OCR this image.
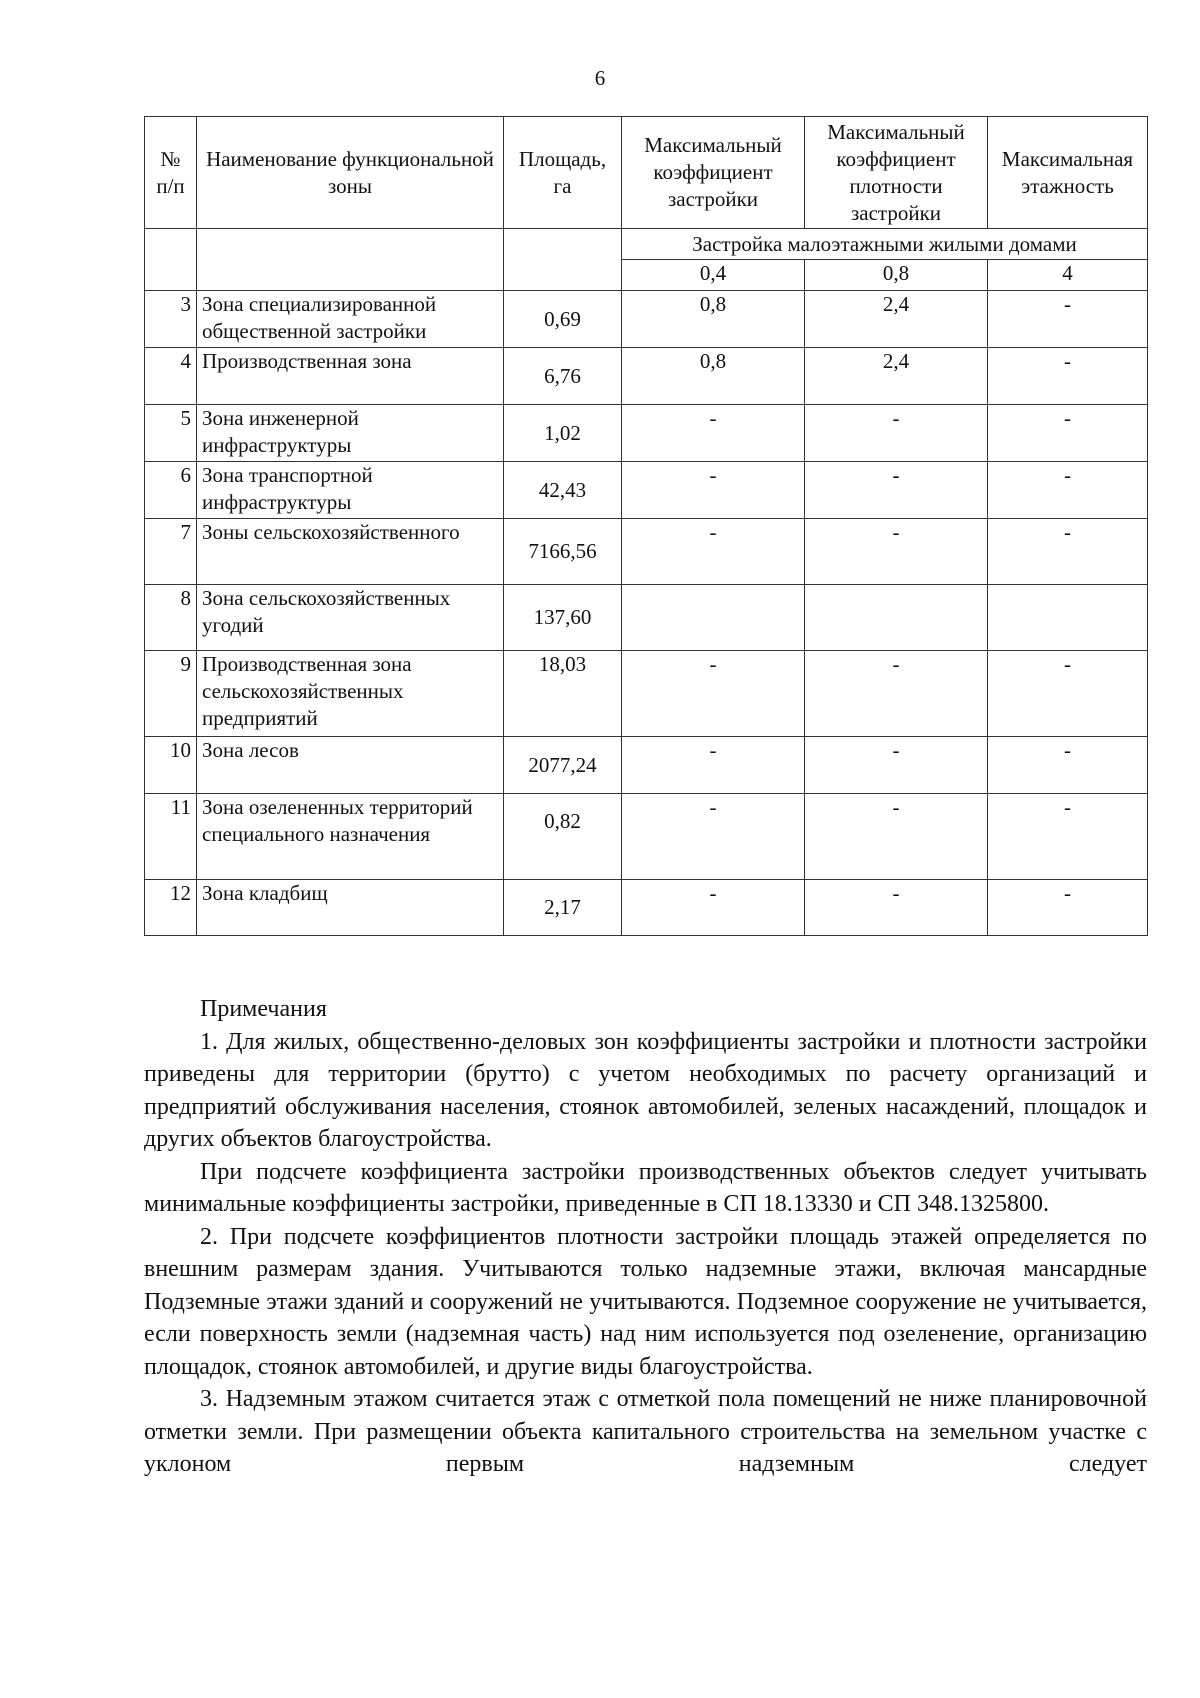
6
№ п/п	Наименование функциональной зоны	Площадь, га	Максимальный коэффициент застройки	Максимальный коэффициент плотности застройки	Максимальная этажность
			Застройка малоэтажными жилыми домами		
			0,4	0,8	4
3	Зона специализированной общественной застройки	0,69	0,8	2,4	-
4	Производственная зона	6,76	0,8	2,4	-
5	Зона инженерной инфраструктуры	1,02	-	-	-
6	Зона транспортной инфраструктуры	42,43	-	-	-
7	Зоны сельскохозяйственного	7166,56	-	-	-
8	Зона сельскохозяйственных угодий	137,60			
9	Производственная зона сельскохозяйственных предприятий	18,03	-	-	-
10	Зона лесов	2077,24	-	-	-
11	Зона озелененных территорий специального назначения	0,82	-	-	-
12	Зона кладбищ	2,17	-	-	-

Примечания

1. Для жилых, общественно-деловых зон коэффициенты застройки и плотности застройки приведены для территории (брутто) с учетом необходимых по расчету организаций и предприятий обслуживания населения, стоянок автомобилей, зеленых насаждений, площадок и других объектов благоустройства.

При подсчете коэффициента застройки производственных объектов следует учитывать минимальные коэффициенты застройки, приведенные в СП 18.13330 и СП 348.1325800.

2. При подсчете коэффициентов плотности застройки площадь этажей определяется по внешним размерам здания. Учитываются только надземные этажи, включая мансардные Подземные этажи зданий и сооружений не учитываются. Подземное сооружение не учитывается, если поверхность земли (надземная часть) над ним используется под озеленение, организацию площадок, стоянок автомобилей, и другие виды благоустройства.

3. Надземным этажом считается этаж с отметкой пола помещений не ниже планировочной отметки земли. При размещении объекта капитального строительства на земельном участке с уклоном первым надземным следует
